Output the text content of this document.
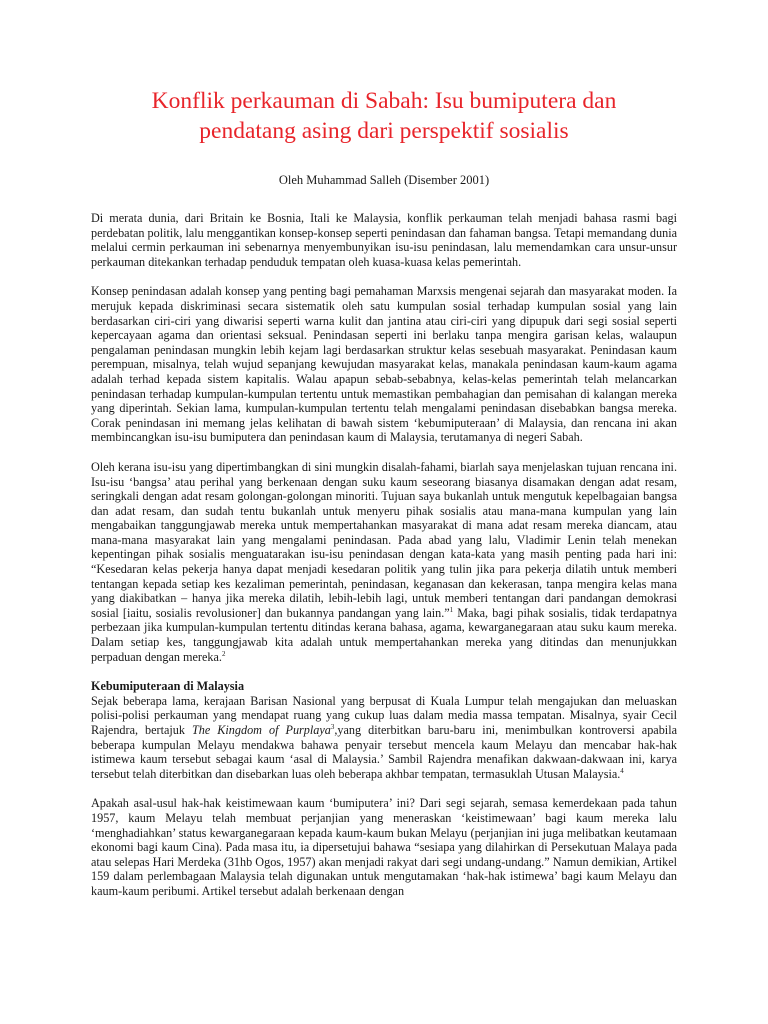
Konflik perkauman di Sabah: Isu bumiputera dan
pendatang asing dari perspektif sosialis
Oleh Muhammad Salleh (Disember 2001)

Di merata dunia, dari Britain ke Bosnia, Itali ke Malaysia, konflik perkauman telah menjadi bahasa rasmi bagi perdebatan politik, lalu menggantikan konsep-konsep seperti penindasan dan fahaman bangsa. Tetapi memandang dunia melalui cermin perkauman ini sebenarnya menyembunyikan isu-isu penindasan, lalu memendamkan cara unsur-unsur perkauman ditekankan terhadap penduduk tempatan oleh kuasa-kuasa kelas pemerintah.

Konsep penindasan adalah konsep yang penting bagi pemahaman Marxsis mengenai sejarah dan masyarakat moden. Ia merujuk kepada diskriminasi secara sistematik oleh satu kumpulan sosial terhadap kumpulan sosial yang lain berdasarkan ciri-ciri yang diwarisi seperti warna kulit dan jantina atau ciri-ciri yang dipupuk dari segi sosial seperti kepercayaan agama dan orientasi seksual. Penindasan seperti ini berlaku tanpa mengira garisan kelas, walaupun pengalaman penindasan mungkin lebih kejam lagi berdasarkan struktur kelas sesebuah masyarakat. Penindasan kaum perempuan, misalnya, telah wujud sepanjang kewujudan masyarakat kelas, manakala penindasan kaum-kaum agama adalah terhad kepada sistem kapitalis. Walau apapun sebab-sebabnya, kelas-kelas pemerintah telah melancarkan penindasan terhadap kumpulan-kumpulan tertentu untuk memastikan pembahagian dan pemisahan di kalangan mereka yang diperintah. Sekian lama, kumpulan-kumpulan tertentu telah mengalami penindasan disebabkan bangsa mereka. Corak penindasan ini memang jelas kelihatan di bawah sistem ‘kebumiputeraan’ di Malaysia, dan rencana ini akan membincangkan isu-isu bumiputera dan penindasan kaum di Malaysia, terutamanya di negeri Sabah.

Oleh kerana isu-isu yang dipertimbangkan di sini mungkin disalah-fahami, biarlah saya menjelaskan tujuan rencana ini. Isu-isu ‘bangsa’ atau perihal yang berkenaan dengan suku kaum seseorang biasanya disamakan dengan adat resam, seringkali dengan adat resam golongan-golongan minoriti. Tujuan saya bukanlah untuk mengutuk kepelbagaian bangsa dan adat resam, dan sudah tentu bukanlah untuk menyeru pihak sosialis atau mana-mana kumpulan yang lain mengabaikan tanggungjawab mereka untuk mempertahankan masyarakat di mana adat resam mereka diancam, atau mana-mana masyarakat lain yang mengalami penindasan. Pada abad yang lalu, Vladimir Lenin telah menekan kepentingan pihak sosialis menguatarakan isu-isu penindasan dengan kata-kata yang masih penting pada hari ini: “Kesedaran kelas pekerja hanya dapat menjadi kesedaran politik yang tulin jika para pekerja dilatih untuk memberi tentangan kepada setiap kes kezaliman pemerintah, penindasan, keganasan dan kekerasan, tanpa mengira kelas mana yang diakibatkan – hanya jika mereka dilatih, lebih-lebih lagi, untuk memberi tentangan dari pandangan demokrasi sosial [iaitu, sosialis revolusioner] dan bukannya pandangan yang lain.”$^1$ Maka, bagi pihak sosialis, tidak terdapatnya perbezaan jika kumpulan-kumpulan tertentu ditindas kerana bahasa, agama, kewarganegaraan atau suku kaum mereka. Dalam setiap kes, tanggungjawab kita adalah untuk mempertahankan mereka yang ditindas dan menunjukkan perpaduan dengan mereka.$^2$

Kebumiputeraan di Malaysia

Sejak beberapa lama, kerajaan Barisan Nasional yang berpusat di Kuala Lumpur telah mengajukan dan meluaskan polisi-polisi perkauman yang mendapat ruang yang cukup luas dalam media massa tempatan. Misalnya, syair Cecil Rajendra, bertajuk The Kingdom of Purplaya$^3$,yang diterbitkan baru-baru ini, menimbulkan kontroversi apabila beberapa kumpulan Melayu mendakwa bahawa penyair tersebut mencela kaum Melayu dan mencabar hak-hak istimewa kaum tersebut sebagai kaum ‘asal di Malaysia.’ Sambil Rajendra menafikan dakwaan-dakwaan ini, karya tersebut telah diterbitkan dan disebarkan luas oleh beberapa akhbar tempatan, termasuklah Utusan Malaysia.$^4$

Apakah asal-usul hak-hak keistimewaan kaum ‘bumiputera’ ini? Dari segi sejarah, semasa kemerdekaan pada tahun 1957, kaum Melayu telah membuat perjanjian yang meneraskan ‘keistimewaan’ bagi kaum mereka lalu ‘menghadiahkan’ status kewarganegaraan kepada kaum-kaum bukan Melayu (perjanjian ini juga melibatkan keutamaan ekonomi bagi kaum Cina). Pada masa itu, ia dipersetujui bahawa “sesiapa yang dilahirkan di Persekutuan Malaya pada atau selepas Hari Merdeka (31hb Ogos, 1957) akan menjadi rakyat dari segi undang-undang.” Namun demikian, Artikel 159 dalam perlembagaan Malaysia telah digunakan untuk mengutamakan ‘hak-hak istimewa’ bagi kaum Melayu dan kaum-kaum peribumi. Artikel tersebut adalah berkenaan dengan
